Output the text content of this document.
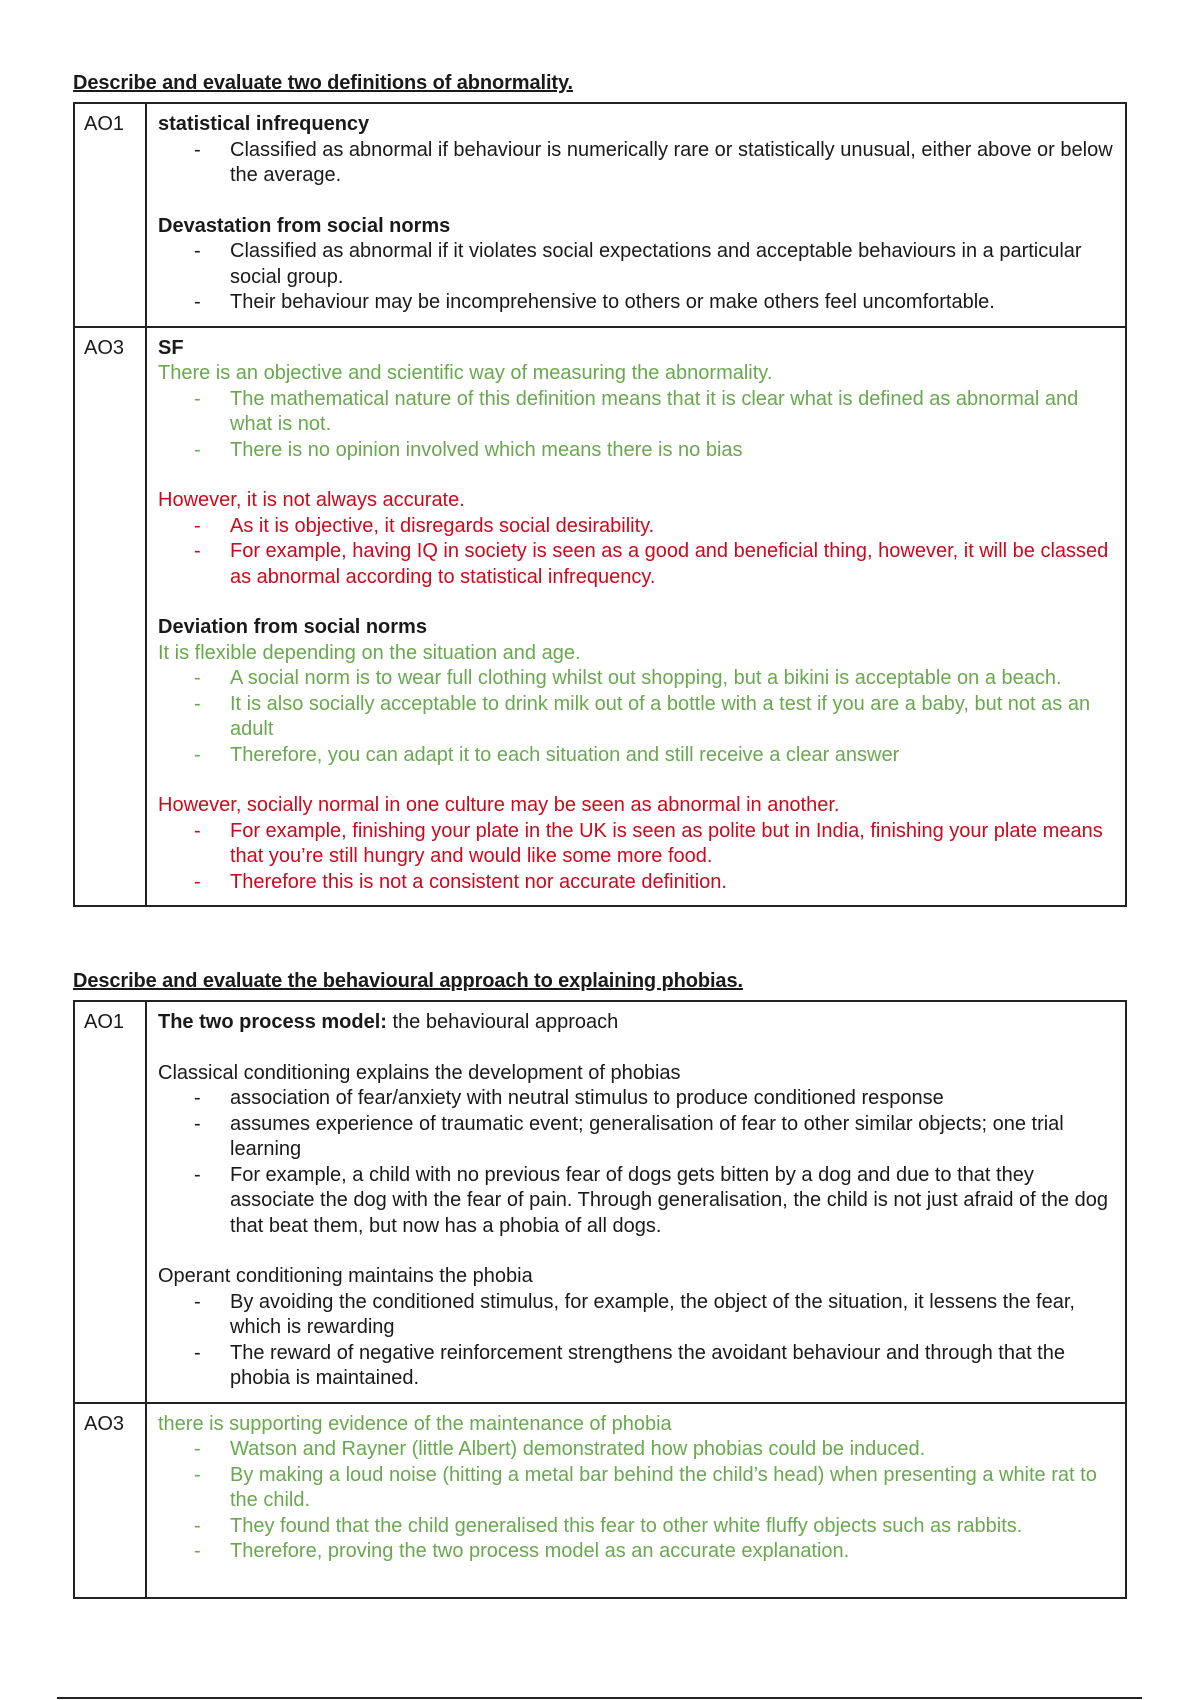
Describe and evaluate two definitions of abnormality.
AO1	statistical infrequency
- Classified as abnormal if behaviour is numerically rare or statistically unusual, either above or below the average.
Devastation from social norms
- Classified as abnormal if it violates social expectations and acceptable behaviours in a particular social group.
- Their behaviour may be incomprehensive to others or make others feel uncomfortable.

AO3	SF
There is an objective and scientific way of measuring the abnormality.
- The mathematical nature of this definition means that it is clear what is defined as abnormal and what is not.
- There is no opinion involved which means there is no bias
However, it is not always accurate.
- As it is objective, it disregards social desirability.
- For example, having IQ in society is seen as a good and beneficial thing, however, it will be classed as abnormal according to statistical infrequency.
Deviation from social norms
It is flexible depending on the situation and age.
- A social norm is to wear full clothing whilst out shopping, but a bikini is acceptable on a beach.
- It is also socially acceptable to drink milk out of a bottle with a test if you are a baby, but not as an adult
- Therefore, you can adapt it to each situation and still receive a clear answer
However, socially normal in one culture may be seen as abnormal in another.
- For example, finishing your plate in the UK is seen as polite but in India, finishing your plate means that you’re still hungry and would like some more food.
- Therefore this is not a consistent nor accurate definition.
Describe and evaluate the behavioural approach to explaining phobias.
AO1	The two process model: the behavioural approach
Classical conditioning explains the development of phobias
- association of fear/anxiety with neutral stimulus to produce conditioned response
- assumes experience of traumatic event; generalisation of fear to other similar objects; one trial learning
- For example, a child with no previous fear of dogs gets bitten by a dog and due to that they associate the dog with the fear of pain. Through generalisation, the child is not just afraid of the dog that beat them, but now has a phobia of all dogs.
Operant conditioning maintains the phobia
- By avoiding the conditioned stimulus, for example, the object of the situation, it lessens the fear, which is rewarding
- The reward of negative reinforcement strengthens the avoidant behaviour and through that the phobia is maintained.

AO3	there is supporting evidence of the maintenance of phobia
- Watson and Rayner (little Albert) demonstrated how phobias could be induced.
- By making a loud noise (hitting a metal bar behind the child’s head) when presenting a white rat to the child.
- They found that the child generalised this fear to other white fluffy objects such as rabbits.
- Therefore, proving the two process model as an accurate explanation.
